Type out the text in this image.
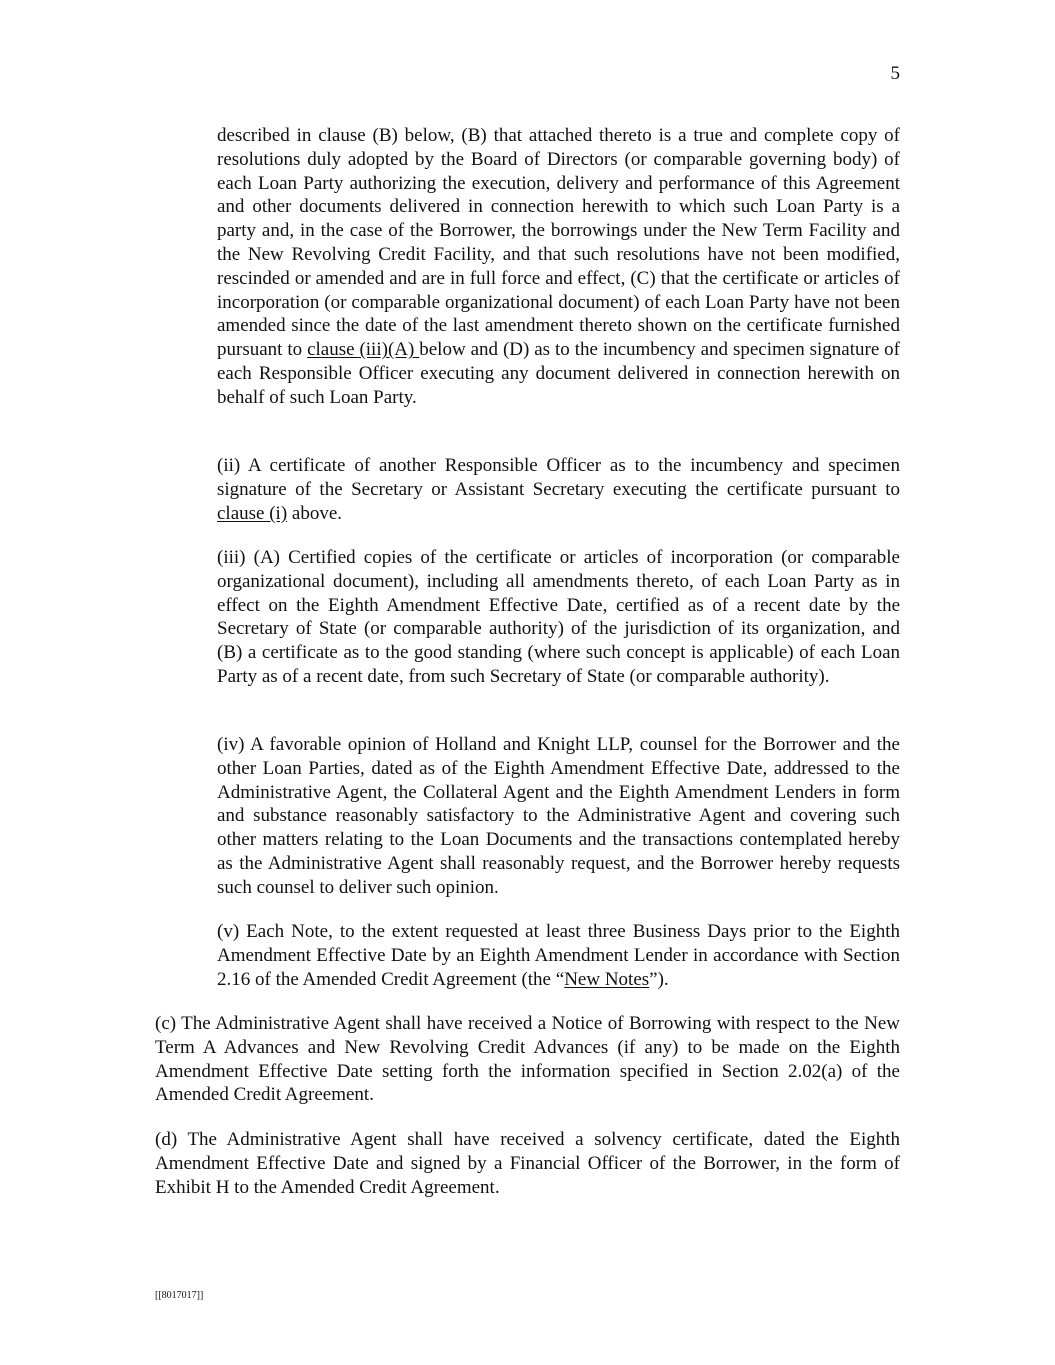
5

described in clause (B) below, (B) that attached thereto is a true and complete copy of resolutions duly adopted by the Board of Directors (or comparable governing body) of each Loan Party authorizing the execution, delivery and performance of this Agreement and other documents delivered in connection herewith to which such Loan Party is a party and, in the case of the Borrower, the borrowings under the New Term Facility and the New Revolving Credit Facility, and that such resolutions have not been modified, rescinded or amended and are in full force and effect, (C) that the certificate or articles of incorporation (or comparable organizational document) of each Loan Party have not been amended since the date of the last amendment thereto shown on the certificate furnished pursuant to clause (iii)(A) below and (D) as to the incumbency and specimen signature of each Responsible Officer executing any document delivered in connection herewith on behalf of such Loan Party.

(ii) A certificate of another Responsible Officer as to the incumbency and specimen signature of the Secretary or Assistant Secretary executing the certificate pursuant to clause (i) above.

(iii) (A) Certified copies of the certificate or articles of incorporation (or comparable organizational document), including all amendments thereto, of each Loan Party as in effect on the Eighth Amendment Effective Date, certified as of a recent date by the Secretary of State (or comparable authority) of the jurisdiction of its organization, and (B) a certificate as to the good standing (where such concept is applicable) of each Loan Party as of a recent date, from such Secretary of State (or comparable authority).

(iv) A favorable opinion of Holland and Knight LLP, counsel for the Borrower and the other Loan Parties, dated as of the Eighth Amendment Effective Date, addressed to the Administrative Agent, the Collateral Agent and the Eighth Amendment Lenders in form and substance reasonably satisfactory to the Administrative Agent and covering such other matters relating to the Loan Documents and the transactions contemplated hereby as the Administrative Agent shall reasonably request, and the Borrower hereby requests such counsel to deliver such opinion.

(v) Each Note, to the extent requested at least three Business Days prior to the Eighth Amendment Effective Date by an Eighth Amendment Lender in accordance with Section 2.16 of the Amended Credit Agreement (the “New Notes”).

(c) The Administrative Agent shall have received a Notice of Borrowing with respect to the New Term A Advances and New Revolving Credit Advances (if any) to be made on the Eighth Amendment Effective Date setting forth the information specified in Section 2.02(a) of the Amended Credit Agreement.

(d) The Administrative Agent shall have received a solvency certificate, dated the Eighth Amendment Effective Date and signed by a Financial Officer of the Borrower, in the form of Exhibit H to the Amended Credit Agreement.

[[8017017]]
